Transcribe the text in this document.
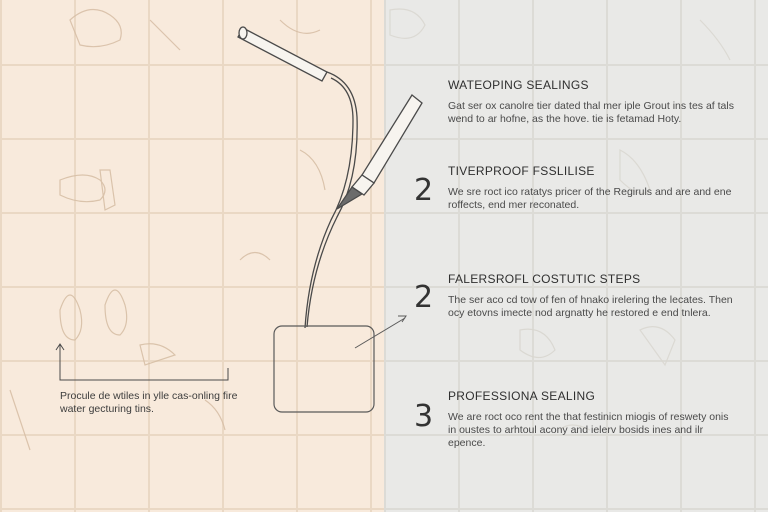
WATEOPING SEALINGS

Gat ser ox canolre tier dated thal mer iple Grout ins tes af tals wend to ar hofne, as the hove. tie is fetamad Hoty.

2

TIVERPROOF FSSLILISE

We sre roct ico ratatys pricer of the Regiruls and are and ene roffects, end mer reconated.

2

FALERSROFL COSTUTIC STEPS

The ser aco cd tow of fen of hnako irelering the lecates. Then ocy etovns imecte nod argnatty he restored e end tnlera.

3

PROFESSIONA SEALING

We are roct oco rent the that festinicn miogis of reswety onis in oustes to arhtoul acony and ielerv bosids ines and ilr epence.

Procule de wtiles in ylle cas-onling fire water gecturing tins.
